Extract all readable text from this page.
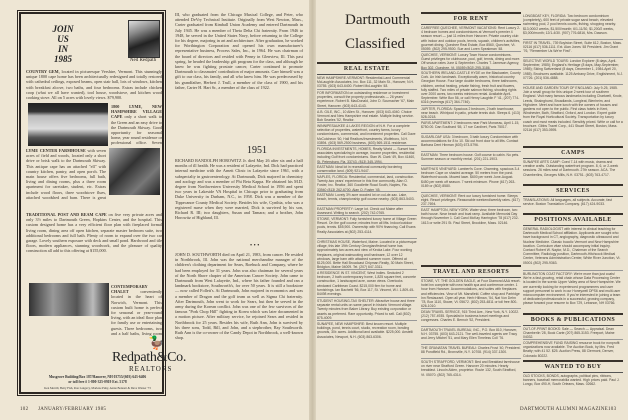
JOIN
US
IN
1985	Ned Redpath
COUNTRY GEM, located in picturesque Vershire, Vermont. This stunningly unique 1800 cape home has been architecturally redesigned and totally restored with cathedral ceilings, exposed beams, open stair hall, lots of windows, kitchen with breakfast alcove, two baths, and four bedrooms. Extras include chicken coop (what we all have wanted), tool house, woodstove, and kitchen wood cooking stove. All on 5 acres with lovely views. $79,900.
1800 LYME, NEW HAMPSHIRE VILLAGE CAPE only a short walk to the Green and an easy drive to the Dartmouth Skiway. Good opportunity for seasonal home, year round residence or professional office. Seven
LYME CENTER FARMHOUSE with seven acres of field and woods, located only a short drive or brisk walk to the Dartmouth Skiway. This antique cape has an attached "ell" with country kitchen, pantry, and open porch. The main house offers five bedrooms, full bath, living and dining rooms, plus a three room apartment for caretaker, student, etc. Extras include wood floors, three woodstove flues, attached woodshed and barn. There is great
TRADITIONAL POST AND BEAM CAPE on five very private acres and only 3½ miles to Dartmouth Green, Hopkins Center, and the hospital. This custom designed home has a very efficient floor plan with fireplaced formal living room, dining area off open kitchen, separate master bedroom suite, two additional bedrooms and full bath. Plenty of room to expand over the two car garage. Lovely southern exposure with deck and small pond. Hardwood and tile floors, modern appliances, stunning woodwork, and the pleasure of quality construction all add to this offering at $155,000.
CONTEMPORARY CHALET	conveniently located in the heart of Norwich, Vermont. This custom built home is perfect for seasonal or year-round living, with an ideal floor plan for family use or entertaining guests. Three bedrooms, two and a half baths, living room
🦆
Redpath&Co.
REALTORS
Musgrove Building/Box 187/Hanover, NH 03755/(603) 643-6406
or toll free # 1-800-325-0919 Ext. 5178
Ken Merrill, Betty Fish, Ron Langevy, Marlene Puhy, Annie Bennett & Dave Warner '73
III, who graduated from the Chicago Musical College, and Peter, who attended DeVry Technical Institute. Originally from West Newton, Mass., Carter graduated from Kimball Union Academy and entered Dartmouth in July 1945. He was a member of Theta Delta Chi fraternity. From 1946 to 1948, he served in the United States Navy, before returning to the College for his degree, majoring in art and architecture. After graduation, he worked for Worthington Corporation and opened his own manufacturer's representative business, Process Sales, Inc., in 1964. He was chairman of the board of directors and resided with Penny in Glenview, Ill. This past spring, he headed the leadership gift program for the class, and although he knew he was fighting prostate cancer, Carter continued to promote Dartmouth to classmates' contribution of major amounts. Carr himself was a gift to our class, his family, and all who knew him. He was predeceased by his grandfather, Herbert J. Trull, a member of the class of 1900, and his father, Carter H. Hart Sr., a member of the class of 1922.
1951
RICHARD RANDOLPH HOROWITZ Jr. died May 26 after six and a half months of ill health. He was a resident of Lafayette, Ind. Dick had practiced internal medicine with the Arnett Clinic in Lafayette since 1961, with a subspecialty in gastroenterology. At Dartmouth, Dick majored in chemistry and zoology and was a member of Phi Beta Kappa. He obtained his M.D. degree from Northwestern University Medical School in 1956 and spent two years in Lakeside VA Hospital in Chicago prior to graduating from Duke University in Durham, N.C., in 1958. Dick was a member of the Tippecanoe County Medical Society. Besides his wife, Cynthia, who was a registered nurse when they were married, Dick is survived by his son, Richard R. III; two daughters, Susan and Tamara; and a brother, John Horowitz of Highland, Ill.
• • •
JOHN D. SOUTHWORTH died on April 21, 1983, from cancer. He resided in Northbrook, Ill. John was the national merchandise manager of the children's clothing department for Sears, Roebuck and Company, where he had been employed for 31 years. John was also chairman for several years of the North Shore chapter of the American Cancer Society. John came to Dartmouth from West Lafayette, Ind., where his father founded and ran a landmark bookstore, Southworth's, for over 50 years. It is still a bookstore — now called Follett's. At Dartmouth, John majored in economics and was a member of Dragon and the golf team as well as Sigma Chi fraternity. After Dartmouth, John went to work for Sears, but then he served in the army during the Korean conflict. John was one of the few survivors of the famous "Pork Chop Hill" fighting in Korea which was later documented in a motion picture. After military service, he rejoined Sears and resided in Northbrook for 25 years. Besides his wife, Ruth Ann, John is survived by his three sons, Todd, Bill, and John, and a stepbrother, Ray Southworth. Ruth Ann is the co-owner of the Candy Depot in Northbrook, a well-known shop.
102 JANUARY/FEBRUARY 1985
Dartmouth
Classified
REAL ESTATE
NEW HAMPSHIRE-VERMONT: Residential-Land Commercial McLaughlin Associates, Inc. Box 111, 32 Main St., Hanover, N.H. 03755. (603) 643-6400. Robert McLaughlin '48.
FOR INFORMATION on outstanding residence or investment properties, consult the property professionals — 26 years' experience. Robert B. MacDonald, John D. Scumacher '67, Main Street, Hanover. (603) 643-4143.
A.B. GILE, INC., 10 Allen St., Hanover. (603) 643-4040. Choice Vermont and New Hampshire real estate. Multiple listing service. Bob Searles '52, Realtor.
WINNIPESAUKEE & LAKES REGION of N.H. For a complete selection of properties, waterfront, country farms, luxury condominiums, commercial, and investment properties. Call Dave McCutcheon '60, Hall Realtors/Investments, Wolfeboro, N.H. 03894. (603) 569-2500 business, (603) 569-1511 residence.
FLORIDA INVESTMENTS, HOMES, Realty World — Sunset has associates specializing in acreage, income properties, residential including Gulf front condominiums. Stan W. Clark '49, Box 41460, St. Petersburg, Fla. 33743. (813) 345-1994.
EASTMAN: Ideal lot in recreational community bordering conservation land. (609) 921-9447.
NAPLES, FLORIDA: Residential, commercial, land, construction. Twenty-two years' experience in this fine community. Alan O. Foster, Inc. Realtor, 360 Goodlette Road South, Naples, Fla. 33940 (813) 262-6700. Alan O. Foster '45.
EASTMAN: Lovely 3½ acre wooded lot on cul-de-sac. Lake, beach, tennis, championship golf course nearby. (603) 863-5403.
EASTMAN PROPERTY: Large lot. Check out Maine after Assessed. Writing to search. (202) 742-0765.
STOWE, VERMONT: Fully furnished luxury home at Village Green Resort. On the golf course; minutes from all lifts. Indoor/outdoor pools, tennis. $55,900. Ownership with 90% financing. Call Evans Realty Associates at (802) 253-4114.
CHRISTMAS HOUSE, Waterford, Maine. Located in a picturesque village, this late 19th Century Georgian/federal home has approximately two acres and view of Keoka Lake. Four working fireplaces, original wainscoting and hardware, 12 over 12 windows, large barn with attached summer room. Offered at $125,000. Bette Hall Broadcast Chipman Realty, 30 Main Street, Bridgton, Maine 04009. Tel. (207) 647-3311.
A RESIDENCE IN ST. VINCENT, West Indies. Secluded 2 bedroom, 2 bath contemporary home, 1,825 square feet, concrete construction, 1 landscaped acre, ocean views. Overlooks windward Caribbean Coast. $215,000 firm for home and furnishings. Ian Bachetti '56, Box 117, St. Vincent, W.I. 1-809-45-84498 evenings.
STUDENT HOUSING-TAX SHELTER: Attractive house and three separate rental units on same parcel in historic Vermont village. Twenty minutes from Baker Library. Buy existing corporation or assets as preferred. Rare opportunity. Priced to sell. Call (802) 875-4009.
SUNAPEE, NEW HAMPSHIRE: Best known resort. Multiple buildings, pond, tennis court, studio, recreation room, bowling grounds, 30± acres. Additional land available. $225,000. Anstelli Associates, Newport, N.H. (603) 863-6306.
FOR RENT
CAREFREE QUECHEE, VERMONT VACATIONS: Rent Luxury 2-4 bedroom homes and condominiums at Vermont's premier 4 season resort — just 11 miles from Hanover. Private country club with indoor and outdoor pools, tennis, squash, children's activities, gourmet dining. Quechee Real Estate, Box 8560, Quechee, Vt. 05059. (802) 295-9500. Sue and Loren Speakman '48.
QUECHEE, VERMONT: Luxury Town House condominiums. Guest privileges for clubhouse, pool, golf, tennis, dining and more. Off season rates June & September. Charles T. Jameson Agency, Box 302, Quechee, Vt. 05059 (802) 295-3186.
SOUTHERN IRELAND-CASTLE HYDE on the Blackwater, County Cork. An Irish landmark. Exceptionally warm, historical country Georgian House. Four large double bedrooms, three bathrooms, children, central heating, private fishing, fresh fruit and flowers, fully staffed. Two miles of private salmon fishing, shooting rights over 2000 acres, two weeks minimum rental. Available April-September. Write Box 56, or call Henry Laughlin F '41, (207) 774-6316 (evenings (617) 364-7746).
JUPITER, FLORIDA: Spacious 2 bedroom, 2 bath townhouse, near beach. Whirlpool in patio, private tennis club. Sleeps 6. (413) 528-0218.
PARIS APARTMENT: 2 bedrooms near Park Monceau, April 1-15, $750.00. Dan Southard '65, 17 rue Cardinet, Paris 75017.
SUGARLOAF USA: 3 bedroom, 3 bath luxury Condominium with accommodations for 8 to 10. Ski out front door to all lifts. Contact Barbara Dent Hinman (603) 673-5796.
EASTMAN: Three bedroom house. Golf course to cabin. No pets. Summer season or monthly rental. (201) 221-1903.
MARTHA'S VINEYARD: Lambert's Cove. Charming, spacious 3-4 bedroom Cape on shaded acreage. 50 meters from the pond. Waterfront woods. Mowed lawn. $600 per week June-August. $450 per week off season. 7 week minimum. Phone (617) 263-0189 or (802) 8580.
QUECHEE, VERMONT: Rent our luxury furnished home. Sleeps eight. Resort privileges. Reasonable weekend/weekly rates. (617) 237-7694.
EAST HAMPTON, NEW YORK: Water view, three bedroom, two bath house. Near beach and boat ramp. Available Memorial Day through November 1. Call Carol McKay Harrington '78 (617) 232-1613 or write 291 St. Paul Street, Brookline, Mass. 02146.
TRAVEL AND RESORTS
STOWE, VT. THE GOLDEN EAGLE, at Four Diamond AAA resort-hotel inn complete with new health spa and conference center. 1 hour from Hanover. Accommodations, and suites with fireplaces and efficiencies. View of Mt. Mansfield. Coffee shop and Partridge Inn Restaurant. Open all year. Herb Hillman, '54, Nat Von Dehn '78, Box 1110, Stowe, Vt. 05672. (802) 253-4811 or toll free 800-626-1010.
DEAN TRAVEL SERVICE, 915 Third Ave., New York, N.Y. 10022. (212) 757-4935. Specialist in business travel meetings and congresses. Charles E. Bernoir '52, President.
DARTMOUTH TRAVEL BUREAU, INC., P.O. Box 810, Hanover, N.H. 03755. (603) 643-2121. The well-traveled agents are Tracy and Jerry Mitchel '51, and Mary Ellen Timeless Coll '76.
THE GRANATAN TRAVEL BUREAU: Charles Frost '40, President. 88 Pondfield Rd., Bronxville, N.Y. 10708. (914) 337-1300.
SOUTH STRAFFORD, VERMONT: Bed and Breakfast farmhouse on river near Strafford Green. Hanover 20 minutes. Hearty breakfast. Lincoln Alden, proprietor. Route 132, South Strafford, Vt. 05070. (802) 765-4314.
LONGBOAT KEY, FLORIDA: Two bedroom condominium (completely), 600 feet of private sugar sand beach, elevated swimming pool, 2 pool tennis courts, fishing, shopping nearby. $13,000/2 weeks, $1,500/month; 6/1-11/30, $1,200/2 weeks, $3,000/month; 12/1-4/30. (907) 776-6816, Mrs. Dawson.
FIRST IN TRAVEL, 739 Boylston Street, Suite 612, Boston, Mass. 02116 (617) 536-1111. Ext. Alan Jones '48 President. Jim Grant '76, "Remember Us We're First".
SELECTIVE WORLD TOURS: London Explorer (8 days, April-September, 1985); England's Heritage (8 days, May-September, 1985); Skiing Switzerland (8 days, December 1, 1984-April 20, 1985). Brochures available. 1125 Ambany Drive, Englishment, N.J. 07726. (201) 536-4888.
HOUSE AND GARDEN TOUR OF ENGLAND: July 9-25, 1985. Join a small group for this unique 2 week tour of southern England. Visit many famous landmarks including Chartwell, Knole, Leeds, Sissinghurst, Broadlands, Longleat, Blenheim, and Highclere. Meet and have lunch with the owners of houses and gardens not open to the public. First class hotels in Kent, Winchester, Bath, Stratford, Oxford, and London. Expert guide from the Royal Horticultural Society. Transportation by luxury coach and most meals included. Sensibly priced. Write or call for a brochure. Gibbs Travel Corp., 441 Stuart Street, Boston, Mass. 02116 (617) 353-0595.
CAMPS
SUNAPEE ARTS CAMP: Coed 7-14 with music, drama and creative crafts. Outstanding waterfront program. 8, 6, or 2-week sessions. 26 miles east of Dartmouth. 27th season. ACA. The Chamberlins, Georges Mills, N.H. 03751. (603) 763-4717.
SERVICES
TRANSLATIONS: All languages, all subjects. Accurate, fast service. Boston Translation Company. (617) 424-9033.
POSITIONS AVAILABLE
GENERAL RADIOLOGIST with interest in clinical teaching for Dartmouth Medical School affiliation. Applicants are sought who have background in CT, angiography, diagnostic ultrasound and Nuclear Medicine. Classic bucolic Vermont and New Hampshire location. Curriculum vitae should accompany initial inquiry. Contact Robert W. Naylor, M.D., Chairman of the Search Committee, Radiology position, Dartmouth-Hitchcock Medical Center, Veterans Administration Center, White River Junction, Vt. 05001 (802) 295-9363.
BURLINGTON COAT FACTORY: We're more than just coats! We're a fast-growing, retail chain whose Data Processing Center is located in the scenic Upper Valley area of New Hampshire. We are currently looking for experienced programmers and user support personnel to work in our Honeywell DPS6 and multi-user microcomputer environment. If you're interested in joining a team of dedicated professionals in a successful, growing company, please forward your resume to Box 729, Lebanon, NH 03766.
BOOKS & PUBLICATIONS
OUT-OF-PRINT BOOKS: Sale — Search — Appraisal. Dean Chamberlin '28, Book Carte (207) 865-3153. Freeport, Maine 04032.
COMPREHENSIVE FUND RAISING resource book for nonprofit organizations now available. The Auction Book, by Mrs. Fred Beatty; with 41 52. $25. Auction Press, 88 Clermont, Denver, Colorado 80222.
WANTED TO BUY
OLD STOCKS, BONDS, autographs, political pins, ribbons, banners, baseball memorabilia wanted. High prices paid. Paul J. Longo, Box 490-H, South Orleans, Mass. 02662.
DARTMOUTH ALUMNI MAGAZINE 103
